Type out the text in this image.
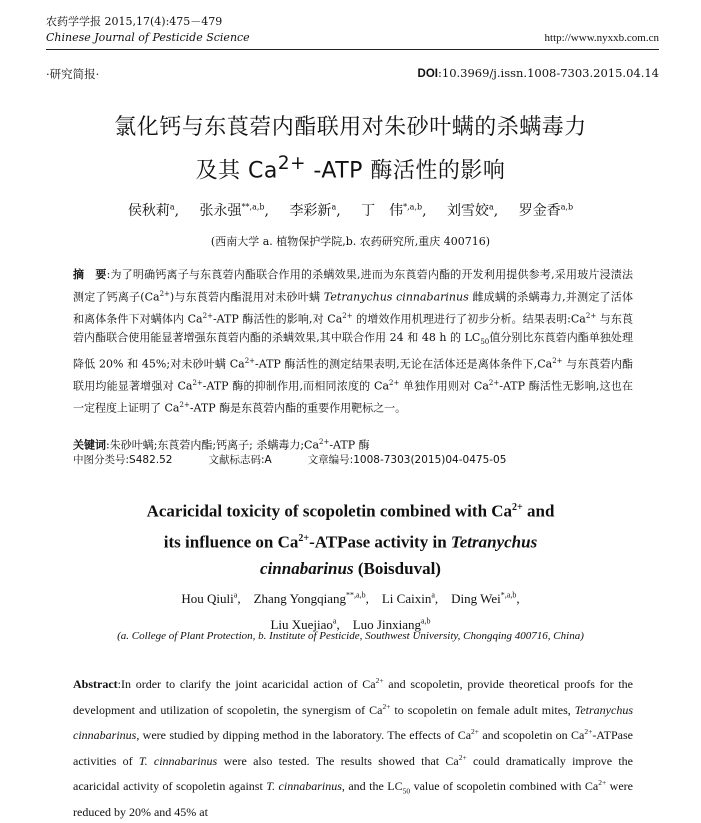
农药学学报 2015,17(4):475－479
Chinese Journal of Pesticide Science	http://www.nyxxb.com.cn
·研究简报·	DOI:10.3969/j.issn.1008-7303.2015.04.14
氯化钙与东莨菪内酯联用对朱砂叶螨的杀螨毒力
及其 $Ca^{2+}$ -ATP 酶活性的影响
侯秋莉$^a$, 张永强$^{**,a,b}$, 李彩新$^a$, 丁　伟$^{*,a,b}$, 刘雪姣$^a$, 罗金香$^{a,b}$
(西南大学 a. 植物保护学院,b. 农药研究所,重庆 400716)
摘　要:为了明确钙离子与东莨菪内酯联合作用的杀螨效果,进而为东莨菪内酯的开发利用提供参考,采用玻片浸渍法测定了钙离子$(Ca^{2+})$与东莨菪内酯混用对未砂叶螨 Tetranychus cinnabarinus 雌成螨的杀螨毒力,并测定了活体和离体条件下对螨体内 $Ca^{2+}$-ATP 酶活性的影响,对 $Ca^{2+}$ 的增效作用机理进行了初步分析。结果表明$:Ca^{2+}$ 与东莨菪内酯联合使用能显著增强东莨菪内酯的杀螨效果,其中联合作用 24 和 48 h 的 $LC_{50}$值分别比东莨菪内酯单独处理降低 20% 和 45%;对未砂叶螨 $Ca^{2+}$-ATP 酶活性的测定结果表明,无论在活体还是离体条件下$,Ca^{2+}$ 与东莨菪内酯联用均能显著增强对 $Ca^{2+}$-ATP 酶的抑制作用,而相同浓度的 $Ca^{2+}$ 单独作用则对 $Ca^{2+}$-ATP 酶活性无影响,这也在一定程度上证明了 $Ca^{2+}$-ATP 酶是东莨菪内酯的重要作用靶标之一。
关键词:朱砂叶螨;东莨菪内酯;钙离子; 杀螨毒力$;Ca^{2+}$-ATP 酶
中图分类号:S482.52	文献标志码:A	文章编号:1008-7303(2015)04-0475-05
Acaricidal toxicity of scopoletin combined with $Ca^{2+}$ and
its influence on $Ca^{2+}$-ATPase activity in Tetranychus
cinnabarinus (Boisduval)
Hou Qiuli$^a$, Zhang Yongqiang$^{**,a,b}$, Li Caixin$^a$, Ding Wei$^{*,a,b}$,
Liu Xuejiao$^a$, Luo Jinxiang$^{a,b}$
(a. College of Plant Protection, b. Institute of Pesticide, Southwest University, Chongqing 400716, China)
Abstract:In order to clarify the joint acaricidal action of $Ca^{2+}$ and scopoletin, provide theoretical proofs for the development and utilization of scopoletin, the synergism of $Ca^{2+}$ to scopoletin on female adult mites, Tetranychus cinnabarinus, were studied by dipping method in the laboratory. The effects of $Ca^{2+}$ and scopoletin on $Ca^{2+}$-ATPase activities of T. cinnabarinus were also tested. The results showed that $Ca^{2+}$ could dramatically improve the acaricidal activity of scopoletin against T. cinnabarinus, and the $LC_{50}$ value of scopoletin combined with $Ca^{2+}$ were reduced by 20% and 45% at
